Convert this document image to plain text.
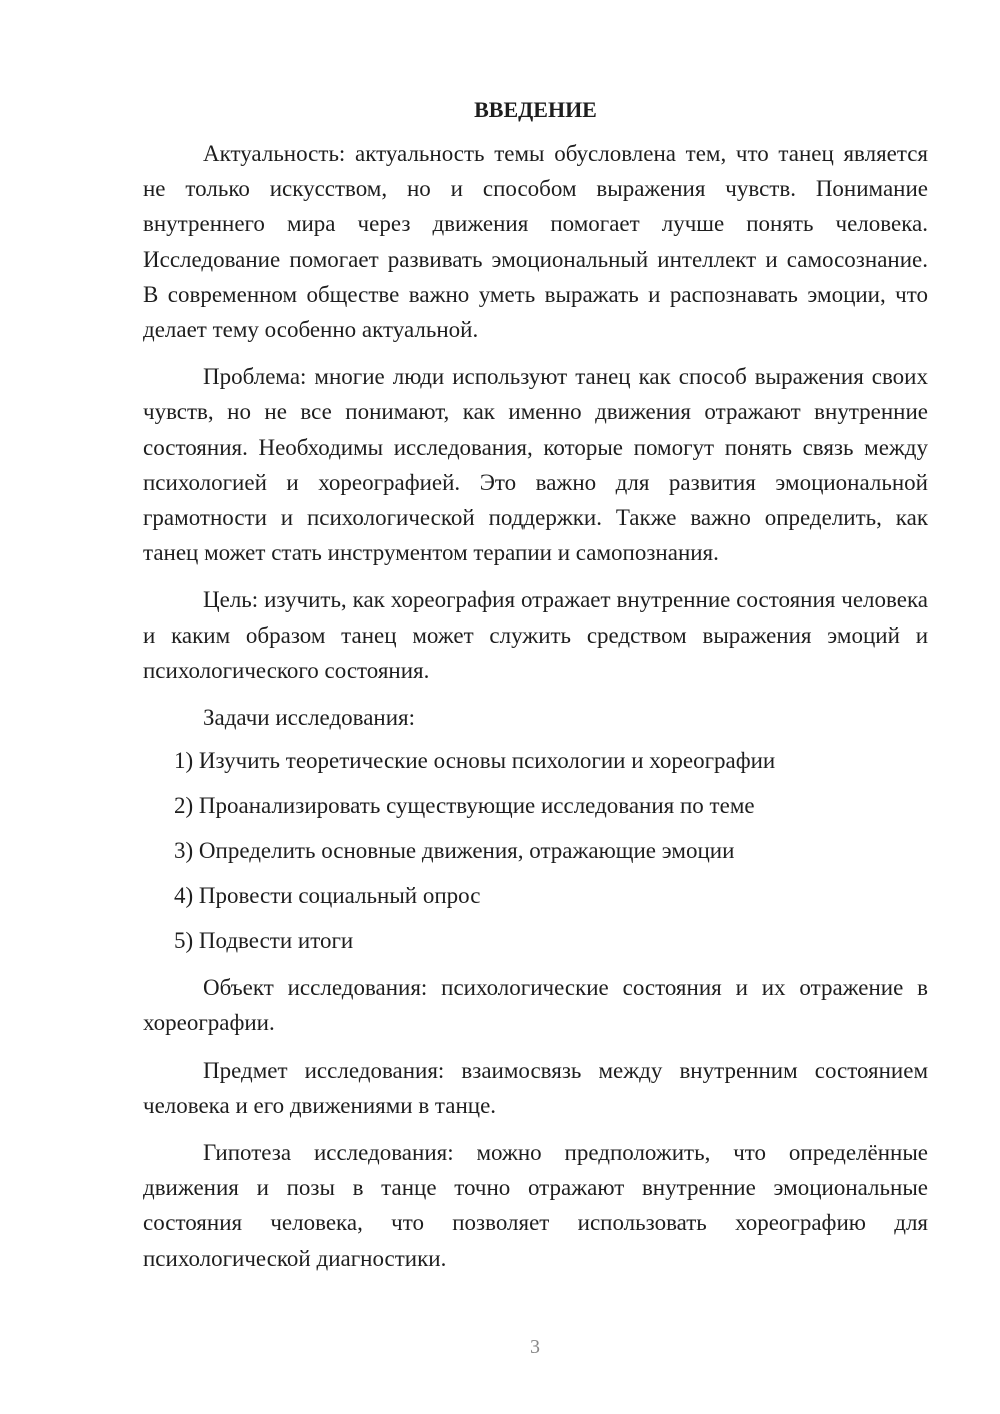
ВВЕДЕНИЕ

Актуальность: актуальность темы обусловлена тем, что танец является не только искусством, но и способом выражения чувств. Понимание внутреннего мира через движения помогает лучше понять человека. Исследование помогает развивать эмоциональный интеллект и самосознание. В современном обществе важно уметь выражать и распознавать эмоции, что делает тему особенно актуальной.

Проблема: многие люди используют танец как способ выражения своих чувств, но не все понимают, как именно движения отражают внутренние состояния. Необходимы исследования, которые помогут понять связь между психологией и хореографией. Это важно для развития эмоциональной грамотности и психологической поддержки. Также важно определить, как танец может стать инструментом терапии и самопознания.

Цель: изучить, как хореография отражает внутренние состояния человека и каким образом танец может служить средством выражения эмоций и психологического состояния.

Задачи исследования:

1) Изучить теоретические основы психологии и хореографии
2) Проанализировать существующие исследования по теме
3) Определить основные движения, отражающие эмоции
4) Провести социальный опрос
5) Подвести итоги

Объект исследования: психологические состояния и их отражение в хореографии.

Предмет исследования: взаимосвязь между внутренним состоянием человека и его движениями в танце.

Гипотеза исследования: можно предположить, что определённые движения и позы в танце точно отражают внутренние эмоциональные состояния человека, что позволяет использовать хореографию для психологической диагностики.

3
